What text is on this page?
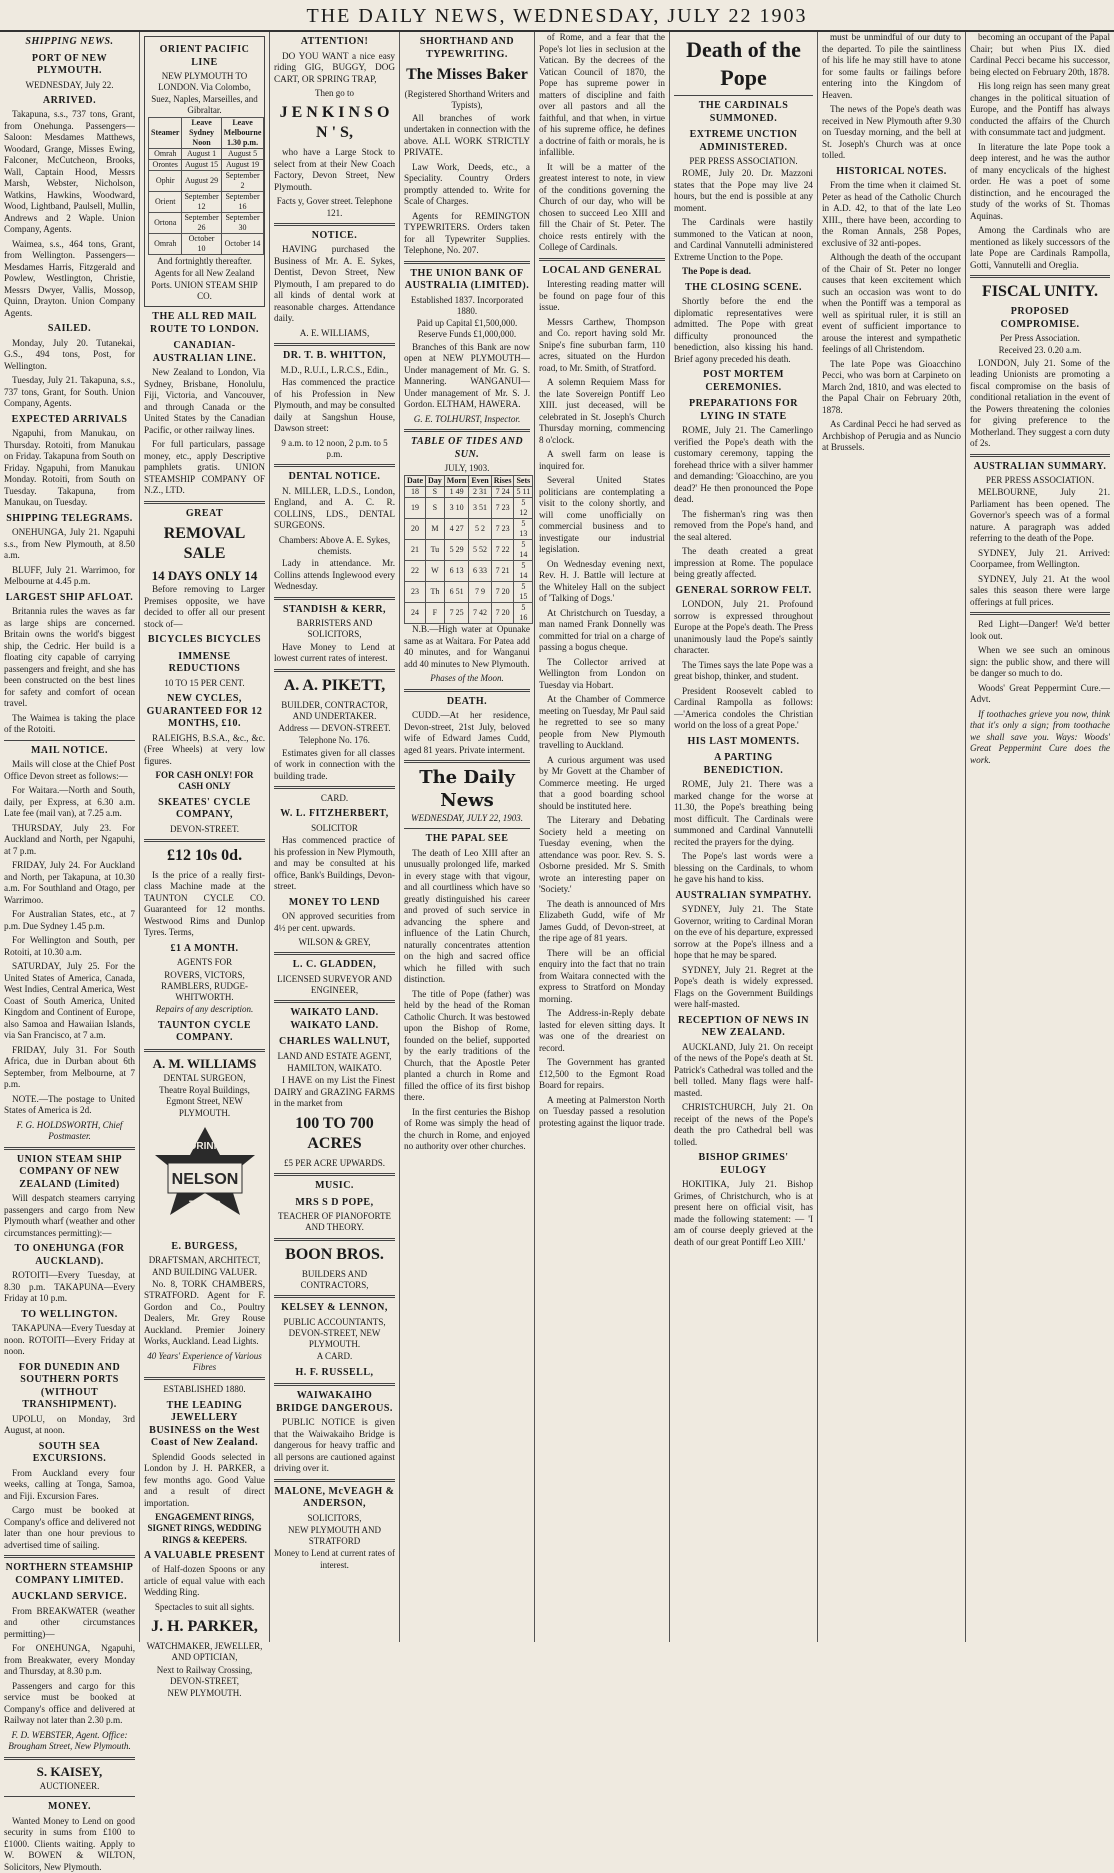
THE DAILY NEWS, WEDNESDAY, JULY 22 1903
SHIPPING NEWS.
PORT OF NEW PLYMOUTH.
WEDNESDAY, July 22.
ARRIVED.

Takapuna, s.s., 737 tons, Grant, from Onehunga. Passengers—Saloon: Mesdames Matthews, Woodard, Grange, Misses Ewing, Falconer, McCutcheon, Brooks, Wall, Captain Hood, Messrs Marsh, Webster, Nicholson, Watkins, Hawkins, Woodward, Wood, Lightband, Paulsell, Mullin, Andrews and 2 Waple. Union Company, Agents.

Waimea, s.s., 464 tons, Grant, from Wellington. Passengers—Mesdames Harris, Fitzgerald and Powlew, Westlington, Christie, Messrs Dwyer, Vallis, Mossop, Quinn, Drayton. Union Company Agents.

SAILED.

Monday, July 20. Tutanekai, G.S., 494 tons, Post, for Wellington.

Tuesday, July 21. Takapuna, s.s., 737 tons, Grant, for South. Union Company, Agents.

EXPECTED ARRIVALS

Ngapuhi, from Manukau, on Thursday. Rotoiti, from Manukau on Friday. Takapuna from South on Friday. Ngapuhi, from Manukau Monday. Rotoiti, from South on Tuesday. Takapuna, from Manukau, on Tuesday.

SHIPPING TELEGRAMS.

ONEHUNGA, July 21. Ngapuhi s.s., from New Plymouth, at 8.50 a.m.

BLUFF, July 21. Warrimoo, for Melbourne at 4.45 p.m.

LARGEST SHIP AFLOAT.

Britannia rules the waves as far as large ships are concerned. Britain owns the world's biggest ship, the Cedric. Her build is a floating city capable of carrying passengers and freight, and she has been constructed on the best lines for safety and comfort of ocean travel.

The Waimea is taking the place of the Rotoiti.

MAIL NOTICE.

Mails will close at the Chief Post Office Devon street as follows:—

For Waitara.—North and South, daily, per Express, at 6.30 a.m. Late fee (mail van), at 7.25 a.m.

THURSDAY, July 23. For Auckland and North, per Ngapuhi, at 7 p.m.

FRIDAY, July 24. For Auckland and North, per Takapuna, at 10.30 a.m. For Southland and Otago, per Warrimoo.

For Australian States, etc., at 7 p.m. Due Sydney 1.45 p.m.

For Wellington and South, per Rotoiti, at 10.30 a.m.

SATURDAY, July 25. For the United States of America, Canada, West Indies, Central America, West Coast of South America, United Kingdom and Continent of Europe, also Samoa and Hawaiian Islands, via San Francisco, at 7 a.m.

FRIDAY, July 31. For South Africa, due in Durban about 6th September, from Melbourne, at 7 p.m.

NOTE.—The postage to United States of America is 2d.

F. G. HOLDSWORTH, Chief Postmaster.
UNION STEAM SHIP COMPANY OF NEW ZEALAND (Limited)

Will despatch steamers carrying passengers and cargo from New Plymouth wharf (weather and other circumstances permitting):—

TO ONEHUNGA (FOR AUCKLAND).

ROTOITI—Every Tuesday, at 8.30 p.m. TAKAPUNA—Every Friday at 10 p.m.

TO WELLINGTON.

TAKAPUNA—Every Tuesday at noon. ROTOITI—Every Friday at noon.

FOR DUNEDIN AND SOUTHERN PORTS (WITHOUT TRANSHIPMENT).

UPOLU, on Monday, 3rd August, at noon.

SOUTH SEA EXCURSIONS.

From Auckland every four weeks, calling at Tonga, Samoa, and Fiji. Excursion Fares.

Cargo must be booked at Company's office and delivered not later than one hour previous to advertised time of sailing.

NORTHERN STEAMSHIP COMPANY LIMITED.
AUCKLAND SERVICE.

From BREAKWATER (weather and other circumstances permitting)—

For ONEHUNGA, Ngapuhi, from Breakwater, every Monday and Thursday, at 8.30 p.m.

Passengers and cargo for this service must be booked at Company's office and delivered at Railway not later than 2.30 p.m.

F. D. WEBSTER, Agent. Office: Brougham Street, New Plymouth.
S. KAISEY,
AUCTIONEER.
MONEY.

Wanted Money to Lend on good security in sums from £100 to £1000. Clients waiting. Apply to W. BOWEN & WILTON, Solicitors, New Plymouth.

ORIENT PACIFIC LINE
NEW PLYMOUTH TO LONDON. Via Colombo, Suez, Naples, Marseilles, and Gibraltar.
Steamer	Leave Sydney Noon	Leave Melbourne 1.30 p.m.
Omrah	August 1	August 5
Orontes	August 15	August 19
Ophir	August 29	September 2
Orient	September 12	September 16
Ortona	September 26	September 30
Omrah	October 10	October 14
And fortnightly thereafter.
Agents for all New Zealand Ports. UNION STEAM SHIP CO.
THE ALL RED MAIL ROUTE TO LONDON.
CANADIAN-AUSTRALIAN LINE.

New Zealand to London, Via Sydney, Brisbane, Honolulu, Fiji, Victoria, and Vancouver, and through Canada or the United States by the Canadian Pacific, or other railway lines.

For full particulars, passage money, etc., apply Descriptive pamphlets gratis. UNION STEAMSHIP COMPANY OF N.Z., LTD.

GREAT
REMOVAL SALE
14 DAYS ONLY 14

Before removing to Larger Premises opposite, we have decided to offer all our present stock of—

BICYCLES BICYCLES
IMMENSE REDUCTIONS
10 TO 15 PER CENT.
NEW CYCLES, GUARANTEED FOR 12 MONTHS, £10.

RALEIGHS, B.S.A., &c., &c. (Free Wheels) at very low figures.

FOR CASH ONLY! FOR CASH ONLY
SKEATES' CYCLE COMPANY,
DEVON-STREET.
£12 10s 0d.

Is the price of a really first-class Machine made at the TAUNTON CYCLE CO. Guaranteed for 12 months. Westwood Rims and Dunlop Tyres. Terms,

£1 A MONTH.
AGENTS FOR
ROVERS, VICTORS, RAMBLERS, RUDGE-WHITWORTH.
Repairs of any description.
TAUNTON CYCLE COMPANY.
A. M. WILLIAMS
DENTAL SURGEON,
Theatre Royal Buildings, Egmont Street, NEW PLYMOUTH.
DRINK
NELSON
TEAS
E. BURGESS,
DRAFTSMAN, ARCHITECT, AND BUILDING VALUER.

No. 8, TORK CHAMBERS, STRATFORD. Agent for F. Gordon and Co., Poultry Dealers, Mr. Grey Rouse Auckland. Premier Joinery Works, Auckland. Lead Lights.

40 Years' Experience of Various Fibres
ESTABLISHED 1880.
THE LEADING JEWELLERY BUSINESS on the West Coast of New Zealand.

Splendid Goods selected in London by J. H. PARKER, a few months ago. Good Value and a result of direct importation.

ENGAGEMENT RINGS, SIGNET RINGS, WEDDING RINGS & KEEPERS.
A VALUABLE PRESENT

of Half-dozen Spoons or any article of equal value with each Wedding Ring.

Spectacles to suit all sights.
J. H. PARKER,
WATCHMAKER, JEWELLER, AND OPTICIAN,
Next to Railway Crossing, DEVON-STREET,
NEW PLYMOUTH.
ATTENTION!

DO YOU WANT a nice easy riding GIG, BUGGY, DOG CART, OR SPRING TRAP,

Then go to
J E N K I N S O N ' S,

who have a Large Stock to select from at their New Coach Factory, Devon Street, New Plymouth.

Facts y, Gover street. Telephone 121.
NOTICE.

HAVING purchased the Business of Mr. A. E. Sykes, Dentist, Devon Street, New Plymouth, I am prepared to do all kinds of dental work at reasonable charges. Attendance daily.

A. E. WILLIAMS,
DR. T. B. WHITTON,
M.D., R.U.I., L.R.C.S., Edin.,

Has commenced the practice of his Profession in New Plymouth, and may be consulted daily at Sangshun House, Dawson street:

9 a.m. to 12 noon, 2 p.m. to 5 p.m.
DENTAL NOTICE.

N. MILLER, L.D.S., London, England, and A. C. R. COLLINS, LDS., DENTAL SURGEONS.

Chambers: Above A. E. Sykes, chemists.

Lady in attendance. Mr. Collins attends Inglewood every Wednesday.

STANDISH & KERR,
BARRISTERS AND SOLICITORS,

Have Money to Lend at lowest current rates of interest.

A. A. PIKETT,
BUILDER, CONTRACTOR, AND UNDERTAKER.
Address — DEVON-STREET.
Telephone No. 176.

Estimates given for all classes of work in connection with the building trade.

CARD.
W. L. FITZHERBERT,
SOLICITOR

Has commenced practice of his profession in New Plymouth, and may be consulted at his office, Bank's Buildings, Devon-street.

MONEY TO LEND

ON approved securities from 4½ per cent. upwards.

WILSON & GREY,
L. C. GLADDEN,
LICENSED SURVEYOR AND ENGINEER,
WAIKATO LAND. WAIKATO LAND.
CHARLES WALLNUT,
LAND AND ESTATE AGENT,
HAMILTON, WAIKATO.

I HAVE on my List the Finest DAIRY and GRAZING FARMS in the market from

100 TO 700 ACRES
£5 PER ACRE UPWARDS.
MUSIC.
MRS S D POPE,
TEACHER OF PIANOFORTE AND THEORY.
BOON BROS.
BUILDERS AND CONTRACTORS,
KELSEY & LENNON,
PUBLIC ACCOUNTANTS, DEVON-STREET, NEW PLYMOUTH.
A CARD.
H. F. RUSSELL,
WAIWAKAIHO BRIDGE DANGEROUS.

PUBLIC NOTICE is given that the Waiwakaiho Bridge is dangerous for heavy traffic and all persons are cautioned against driving over it.

MALONE, McVEAGH & ANDERSON,
SOLICITORS,
NEW PLYMOUTH AND STRATFORD
Money to Lend at current rates of interest.
SHORTHAND AND TYPEWRITING.
The Misses Baker
(Registered Shorthand Writers and Typists),

All branches of work undertaken in connection with the above. ALL WORK STRICTLY PRIVATE.

Law Work, Deeds, etc., a Speciality. Country Orders promptly attended to. Write for Scale of Charges.

Agents for REMINGTON TYPEWRITERS. Orders taken for all Typewriter Supplies. Telephone, No. 207.

THE UNION BANK OF AUSTRALIA (LIMITED).
Established 1837. Incorporated 1880.
Paid up Capital £1,500,000. Reserve Funds £1,000,000.

Branches of this Bank are now open at NEW PLYMOUTH—Under management of Mr. G. S. Mannering. WANGANUI—Under management of Mr. S. J. Gordon. ELTHAM, HAWERA.

G. E. TOLHURST, Inspector.
TABLE OF TIDES AND SUN.
JULY, 1903.
Date	Day	Morn	Even	Rises	Sets
18	S	1 49	2 31	7 24	5 11
19	S	3 10	3 51	7 23	5 12
20	M	4 27	5 2	7 23	5 13
21	Tu	5 29	5 52	7 22	5 14
22	W	6 13	6 33	7 21	5 14
23	Th	6 51	7 9	7 20	5 15
24	F	7 25	7 42	7 20	5 16

N.B.—High water at Opunake same as at Waitara. For Patea add 40 minutes, and for Wanganui add 40 minutes to New Plymouth.

Phases of the Moon.
DEATH.

CUDD.—At her residence, Devon-street, 21st July, beloved wife of Edward James Cudd, aged 81 years. Private interment.

The Daily News
WEDNESDAY, JULY 22, 1903.
THE PAPAL SEE

The death of Leo XIII after an unusually prolonged life, marked in every stage with that vigour, and all courtliness which have so greatly distinguished his career and proved of such service in advancing the sphere and influence of the Latin Church, naturally concentrates attention on the high and sacred office which he filled with such distinction.

The title of Pope (father) was held by the head of the Roman Catholic Church. It was bestowed upon the Bishop of Rome, founded on the belief, supported by the early traditions of the Church, that the Apostle Peter planted a church in Rome and filled the office of its first bishop there.

In the first centuries the Bishop of Rome was simply the head of the church in Rome, and enjoyed no authority over other churches.

of Rome, and a fear that the Pope's lot lies in seclusion at the Vatican. By the decrees of the Vatican Council of 1870, the Pope has supreme power in matters of discipline and faith over all pastors and all the faithful, and that when, in virtue of his supreme office, he defines a doctrine of faith or morals, he is infallible.

It will be a matter of the greatest interest to note, in view of the conditions governing the Church of our day, who will be chosen to succeed Leo XIII and fill the Chair of St. Peter. The choice rests entirely with the College of Cardinals.

LOCAL AND GENERAL

Interesting reading matter will be found on page four of this issue.

Messrs Carthew, Thompson and Co. report having sold Mr. Snipe's fine suburban farm, 110 acres, situated on the Hurdon road, to Mr. Smith, of Stratford.

A solemn Requiem Mass for the late Sovereign Pontiff Leo XIII. just deceased, will be celebrated in St. Joseph's Church Thursday morning, commencing 8 o'clock.

A swell farm on lease is inquired for.

Several United States politicians are contemplating a visit to the colony shortly, and will come unofficially on commercial business and to investigate our industrial legislation.

On Wednesday evening next, Rev. H. J. Battle will lecture at the Whiteley Hall on the subject of 'Talking of Dogs.'

At Christchurch on Tuesday, a man named Frank Donnelly was committed for trial on a charge of passing a bogus cheque.

The Collector arrived at Wellington from London on Tuesday via Hobart.

At the Chamber of Commerce meeting on Tuesday, Mr Paul said he regretted to see so many people from New Plymouth travelling to Auckland.

A curious argument was used by Mr Govett at the Chamber of Commerce meeting. He urged that a good boarding school should be instituted here.

The Literary and Debating Society held a meeting on Tuesday evening, when the attendance was poor. Rev. S. S. Osborne presided. Mr S. Smith wrote an interesting paper on 'Society.'

The death is announced of Mrs Elizabeth Gudd, wife of Mr James Gudd, of Devon-street, at the ripe age of 81 years.

There will be an official enquiry into the fact that no train from Waitara connected with the express to Stratford on Monday morning.

The Address-in-Reply debate lasted for eleven sitting days. It was one of the dreariest on record.

The Government has granted £12,500 to the Egmont Road Board for repairs.

A meeting at Palmerston North on Tuesday passed a resolution protesting against the liquor trade.

Death of the Pope
THE CARDINALS SUMMONED.
EXTREME UNCTION ADMINISTERED.
PER PRESS ASSOCIATION.

ROME, July 20. Dr. Mazzoni states that the Pope may live 24 hours, but the end is possible at any moment.

The Cardinals were hastily summoned to the Vatican at noon, and Cardinal Vannutelli administered Extreme Unction to the Pope.

The Pope is dead.

THE CLOSING SCENE.

Shortly before the end the diplomatic representatives were admitted. The Pope with great difficulty pronounced the benediction, also kissing his hand. Brief agony preceded his death.

POST MORTEM CEREMONIES.
PREPARATIONS FOR LYING IN STATE

ROME, July 21. The Camerlingo verified the Pope's death with the customary ceremony, tapping the forehead thrice with a silver hammer and demanding: 'Gioacchino, are you dead?' He then pronounced the Pope dead.

The fisherman's ring was then removed from the Pope's hand, and the seal altered.

The death created a great impression at Rome. The populace being greatly affected.

GENERAL SORROW FELT.

LONDON, July 21. Profound sorrow is expressed throughout Europe at the Pope's death. The Press unanimously laud the Pope's saintly character.

The Times says the late Pope was a great bishop, thinker, and student.

President Roosevelt cabled to Cardinal Rampolla as follows:—'America condoles the Christian world on the loss of a great Pope.'

HIS LAST MOMENTS.
A PARTING BENEDICTION.

ROME, July 21. There was a marked change for the worse at 11.30, the Pope's breathing being most difficult. The Cardinals were summoned and Cardinal Vannutelli recited the prayers for the dying.

The Pope's last words were a blessing on the Cardinals, to whom he gave his hand to kiss.

AUSTRALIAN SYMPATHY.

SYDNEY, July 21. The State Governor, writing to Cardinal Moran on the eve of his departure, expressed sorrow at the Pope's illness and a hope that he may be spared.

SYDNEY, July 21. Regret at the Pope's death is widely expressed. Flags on the Government Buildings were half-masted.

RECEPTION OF NEWS IN NEW ZEALAND.

AUCKLAND, July 21. On receipt of the news of the Pope's death at St. Patrick's Cathedral was tolled and the bell tolled. Many flags were half-masted.

CHRISTCHURCH, July 21. On receipt of the news of the Pope's death the pro Cathedral bell was tolled.

BISHOP GRIMES' EULOGY

HOKITIKA, July 21. Bishop Grimes, of Christchurch, who is at present here on official visit, has made the following statement: — 'I am of course deeply grieved at the death of our great Pontiff Leo XIII.'

must be unmindful of our duty to the departed. To pile the saintliness of his life he may still have to atone for some faults or failings before entering into the Kingdom of Heaven.

The news of the Pope's death was received in New Plymouth after 9.30 on Tuesday morning, and the bell at St. Joseph's Church was at once tolled.

HISTORICAL NOTES.

From the time when it claimed St. Peter as head of the Catholic Church in A.D. 42, to that of the late Leo XIII., there have been, according to the Roman Annals, 258 Popes, exclusive of 32 anti-popes.

Although the death of the occupant of the Chair of St. Peter no longer causes that keen excitement which such an occasion was wont to do when the Pontiff was a temporal as well as spiritual ruler, it is still an event of sufficient importance to arouse the interest and sympathetic feelings of all Christendom.

The late Pope was Gioacchino Pecci, who was born at Carpineto on March 2nd, 1810, and was elected to the Papal Chair on February 20th, 1878.

As Cardinal Pecci he had served as Archbishop of Perugia and as Nuncio at Brussels.

becoming an occupant of the Papal Chair; but when Pius IX. died Cardinal Pecci became his successor, being elected on February 20th, 1878.

His long reign has seen many great changes in the political situation of Europe, and the Pontiff has always conducted the affairs of the Church with consummate tact and judgment.

In literature the late Pope took a deep interest, and he was the author of many encyclicals of the highest order. He was a poet of some distinction, and he encouraged the study of the works of St. Thomas Aquinas.

Among the Cardinals who are mentioned as likely successors of the late Pope are Cardinals Rampolla, Gotti, Vannutelli and Oreglia.

FISCAL UNITY.
PROPOSED COMPROMISE.
Per Press Association.
Received 23. 0.20 a.m.

LONDON, July 21. Some of the leading Unionists are promoting a fiscal compromise on the basis of conditional retaliation in the event of the Powers threatening the colonies for giving preference to the Motherland. They suggest a corn duty of 2s.

AUSTRALIAN SUMMARY.
PER PRESS ASSOCIATION.

MELBOURNE, July 21. Parliament has been opened. The Governor's speech was of a formal nature. A paragraph was added referring to the death of the Pope.

SYDNEY, July 21. Arrived: Coorpamee, from Wellington.

SYDNEY, July 21. At the wool sales this season there were large offerings at full prices.

Red Light—Danger! We'd better look out.

When we see such an ominous sign: the public show, and there will be danger so much to do.

Woods' Great Peppermint Cure.—Advt.

If toothaches grieve you now, think that it's only a sign; from toothache we shall save you. Ways: Woods' Great Peppermint Cure does the work.
